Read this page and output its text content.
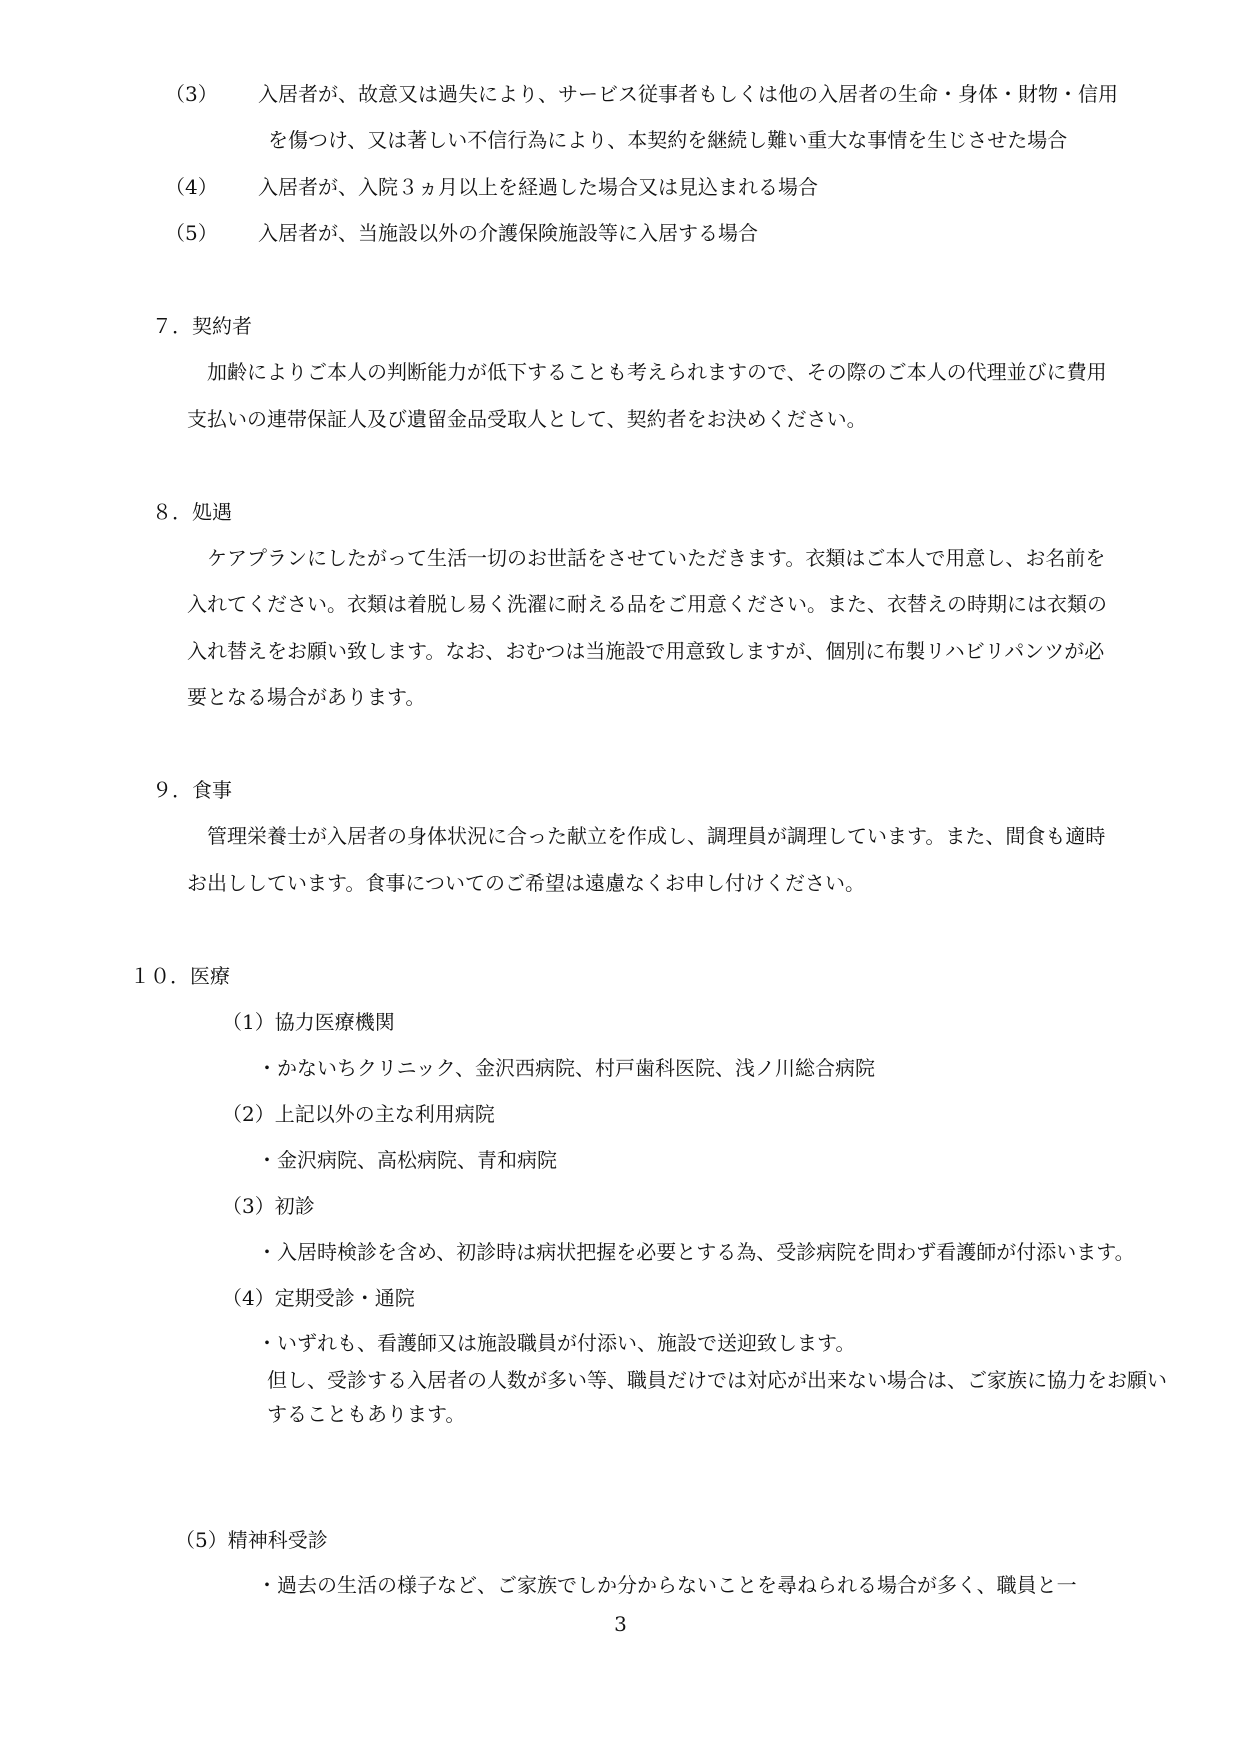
（3） 入居者が、故意又は過失により、サービス従事者もしくは他の入居者の生命・身体・財物・信用
を傷つけ、又は著しい不信行為により、本契約を継続し難い重大な事情を生じさせた場合
（4） 入居者が、入院３ヵ月以上を経過した場合又は見込まれる場合
（5） 入居者が、当施設以外の介護保険施設等に入居する場合
７．契約者
加齢によりご本人の判断能力が低下することも考えられますので、その際のご本人の代理並びに費用
支払いの連帯保証人及び遺留金品受取人として、契約者をお決めください。
８．処遇
ケアプランにしたがって生活一切のお世話をさせていただきます。衣類はご本人で用意し、お名前を
入れてください。衣類は着脱し易く洗濯に耐える品をご用意ください。また、衣替えの時期には衣類の
入れ替えをお願い致します。なお、おむつは当施設で用意致しますが、個別に布製リハビリパンツが必
要となる場合があります。
９．食事
管理栄養士が入居者の身体状況に合った献立を作成し、調理員が調理しています。また、間食も適時
お出ししています。食事についてのご希望は遠慮なくお申し付けください。
１０．医療
（1）協力医療機関
・かないちクリニック、金沢西病院、村戸歯科医院、浅ノ川総合病院
（2）上記以外の主な利用病院
・金沢病院、高松病院、青和病院
（3）初診
・入居時検診を含め、初診時は病状把握を必要とする為、受診病院を問わず看護師が付添います。
（4）定期受診・通院
・いずれも、看護師又は施設職員が付添い、施設で送迎致します。
但し、受診する入居者の人数が多い等、職員だけでは対応が出来ない場合は、ご家族に協力をお願い
することもあります。
（5）精神科受診
・過去の生活の様子など、ご家族でしか分からないことを尋ねられる場合が多く、職員と一
3
